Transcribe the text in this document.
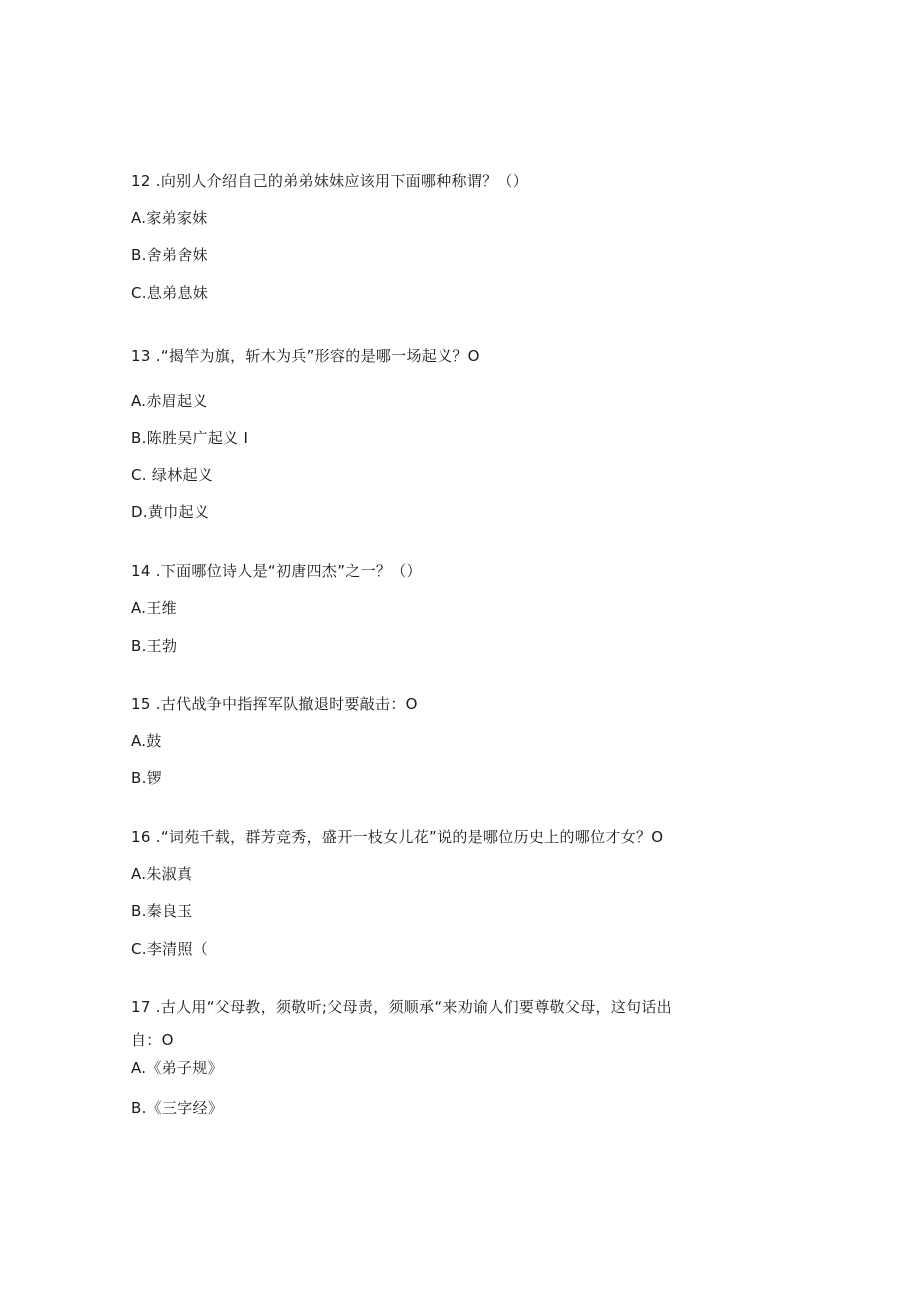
12 .向别人介绍自己的弟弟妹妹应该用下面哪种称谓？（）
A.家弟家妹
B.舍弟舍妹
C.息弟息妹
13 .“揭竿为旗，斩木为兵”形容的是哪一场起义？O
A.赤眉起义
B.陈胜吴广起义 I
C. 绿林起义
D.黄巾起义
14 .下面哪位诗人是“初唐四杰”之一？（）
A.王维
B.王勃
15 .古代战争中指挥军队撤退时要敲击：O
A.鼓
B.锣
16 .“词苑千载，群芳竞秀，盛开一枝女儿花”说的是哪位历史上的哪位才女？O
A.朱淑真
B.秦良玉
C.李清照（
17 .古人用“父母教，须敬听;父母责，须顺承“来劝谕人们要尊敬父母，这句话出
自：O
A.《弟子规》
B.《三字经》
